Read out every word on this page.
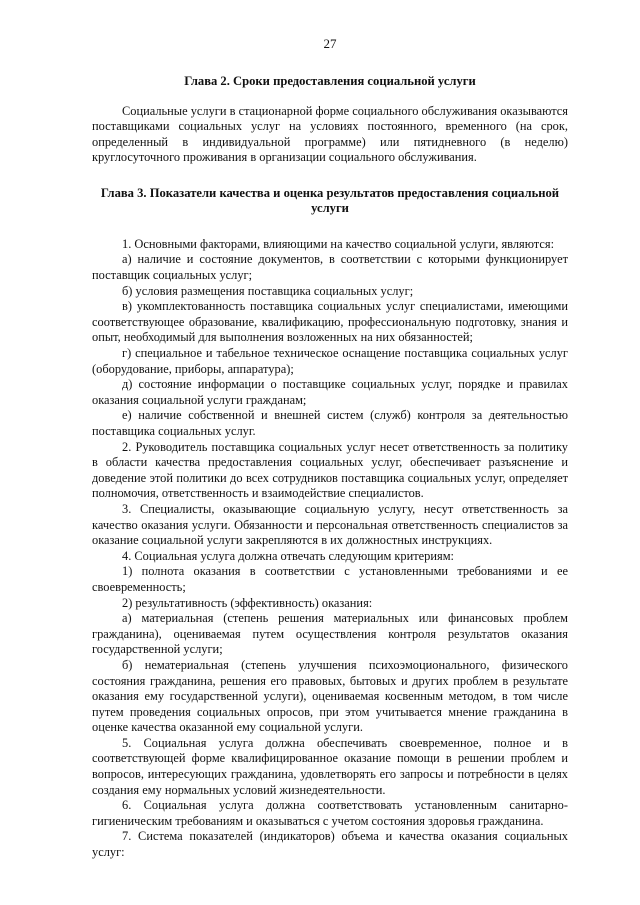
27
Глава 2. Сроки предоставления социальной услуги

Социальные услуги в стационарной форме социального обслуживания оказываются поставщиками социальных услуг на условиях постоянного, временного (на срок, определенный в индивидуальной программе) или пятидневного (в неделю) круглосуточного проживания в организации социального обслуживания.

Глава 3. Показатели качества и оценка результатов предоставления социальной услуги

1. Основными факторами, влияющими на качество социальной услуги, являются:

а) наличие и состояние документов, в соответствии с которыми функционирует поставщик социальных услуг;

б) условия размещения поставщика социальных услуг;

в) укомплектованность поставщика социальных услуг специалистами, имеющими соответствующее образование, квалификацию, профессиональную подготовку, знания и опыт, необходимый для выполнения возложенных на них обязанностей;

г) специальное и табельное техническое оснащение поставщика социальных услуг (оборудование, приборы, аппаратура);

д) состояние информации о поставщике социальных услуг, порядке и правилах оказания социальной услуги гражданам;

е) наличие собственной и внешней систем (служб) контроля за деятельностью поставщика социальных услуг.

2. Руководитель поставщика социальных услуг несет ответственность за политику в области качества предоставления социальных услуг, обеспечивает разъяснение и доведение этой политики до всех сотрудников поставщика социальных услуг, определяет полномочия, ответственность и взаимодействие специалистов.

3. Специалисты, оказывающие социальную услугу, несут ответственность за качество оказания услуги. Обязанности и персональная ответственность специалистов за оказание социальной услуги закрепляются в их должностных инструкциях.

4. Социальная услуга должна отвечать следующим критериям:

1) полнота оказания в соответствии с установленными требованиями и ее своевременность;

2) результативность (эффективность) оказания:

а) материальная (степень решения материальных или финансовых проблем гражданина), оцениваемая путем осуществления контроля результатов оказания государственной услуги;

б) нематериальная (степень улучшения психоэмоционального, физического состояния гражданина, решения его правовых, бытовых и других проблем в результате оказания ему государственной услуги), оцениваемая косвенным методом, в том числе путем проведения социальных опросов, при этом учитывается мнение гражданина в оценке качества оказанной ему социальной услуги.

5. Социальная услуга должна обеспечивать своевременное, полное и в соответствующей форме квалифицированное оказание помощи в решении проблем и вопросов, интересующих гражданина, удовлетворять его запросы и потребности в целях создания ему нормальных условий жизнедеятельности.

6. Социальная услуга должна соответствовать установленным санитарно-гигиеническим требованиям и оказываться с учетом состояния здоровья гражданина.

7. Система показателей (индикаторов) объема и качества оказания социальных услуг:
